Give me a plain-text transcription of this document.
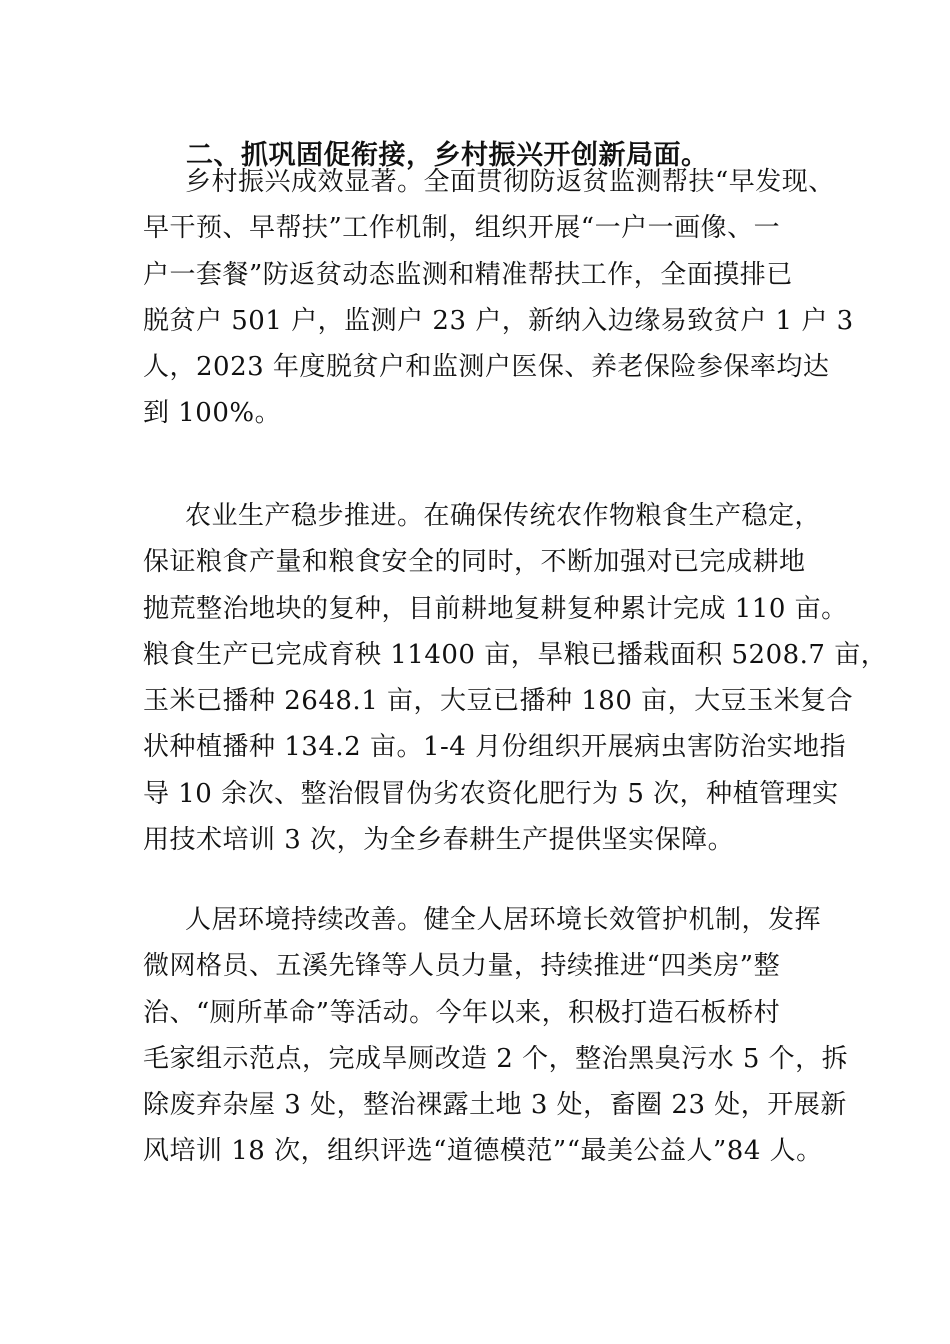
二、抓巩固促衔接，乡村振兴开创新局面。
乡村振兴成效显著。全面贯彻防返贫监测帮扶“早发现、
早干预、早帮扶”工作机制，组织开展“一户一画像、一
户一套餐”防返贫动态监测和精准帮扶工作，全面摸排已
脱贫户 501 户，监测户 23 户，新纳入边缘易致贫户 1 户 3
人，2023 年度脱贫户和监测户医保、养老保险参保率均达
到 100%。
农业生产稳步推进。在确保传统农作物粮食生产稳定，
保证粮食产量和粮食安全的同时，不断加强对已完成耕地
抛荒整治地块的复种，目前耕地复耕复种累计完成 110 亩。
粮食生产已完成育秧 11400 亩，旱粮已播栽面积 5208.7 亩，
玉米已播种 2648.1 亩，大豆已播种 180 亩，大豆玉米复合
状种植播种 134.2 亩。1-4 月份组织开展病虫害防治实地指
导 10 余次、整治假冒伪劣农资化肥行为 5 次，种植管理实
用技术培训 3 次，为全乡春耕生产提供坚实保障。
人居环境持续改善。健全人居环境长效管护机制，发挥
微网格员、五溪先锋等人员力量，持续推进“四类房”整
治、“厕所革命”等活动。今年以来，积极打造石板桥村
毛家组示范点，完成旱厕改造 2 个，整治黑臭污水 5 个，拆
除废弃杂屋 3 处，整治裸露土地 3 处，畜圈 23 处，开展新
风培训 18 次，组织评选“道德模范”“最美公益人”84 人。
